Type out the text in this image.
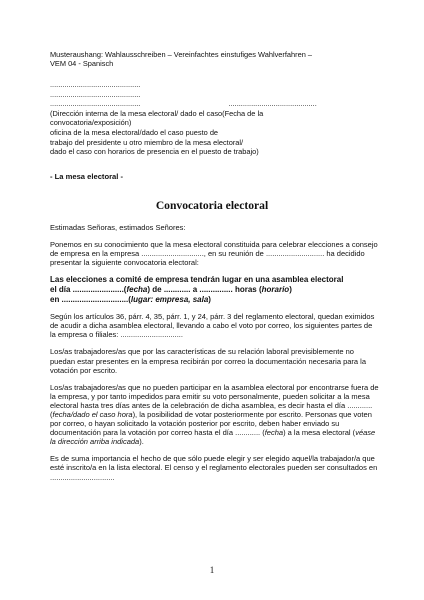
Musteraushang: Wahlausschreiben – Vereinfachtes einstufiges Wahlverfahren –
VEM 04 - Spanisch
............................................
............................................
............................................	...........................................
(Dirección interna de la mesa electoral/ dado el caso(Fecha de la
convocatoria/exposición)
oficina de la mesa electoral/dado el caso puesto de
trabajo del presidente u otro miembro de la mesa electoral/
dado el caso con horarios de presencia en el puesto de trabajo)
- La mesa electoral -
Convocatoria electoral

Estimadas Señoras, estimados Señores:

Ponemos en su conocimiento que la mesa electoral constituida para celebrar elecciones a consejo de empresa en la empresa .............................., en su reunión de ............................ ha decidido presentar la siguiente convocatoria electoral:

Las elecciones a comité de empresa tendrán lugar en una asamblea electoral
el día .......................(fecha) de ............ a ............... horas (horario)
en ..............................(lugar: empresa, sala)

Según los artículos 36, párr. 4, 35, párr. 1, y 24, párr. 3 del reglamento electoral, quedan eximidos de acudir a dicha asamblea electoral, llevando a cabo el voto por correo, los siguientes partes de la empresa o filiales: ..............................

Los/as trabajadores/as que por las características de su relación laboral previsiblemente no puedan estar presentes en la empresa recibirán por correo la documentación necesaria para la votación por escrito.

Los/as trabajadores/as que no pueden participar en la asamblea electoral por encontrarse fuera de la empresa, y por tanto impedidos para emitir su voto personalmente, pueden solicitar a la mesa electoral hasta tres días antes de la celebración de dicha asamblea, es decir hasta el día ............ (fecha/dado el caso hora), la posibilidad de votar posteriormente por escrito. Personas que voten por correo, o hayan solicitado la votación posterior por escrito, deben haber enviado su documentación para la votación por correo hasta el día ............ (fecha) a la mesa electoral (véase la dirección arriba indicada).

Es de suma importancia el hecho de que sólo puede elegir y ser elegido aquel/la trabajador/a que esté inscrito/a en la lista electoral. El censo y el reglamento electorales pueden ser consultados en ...............................

1
